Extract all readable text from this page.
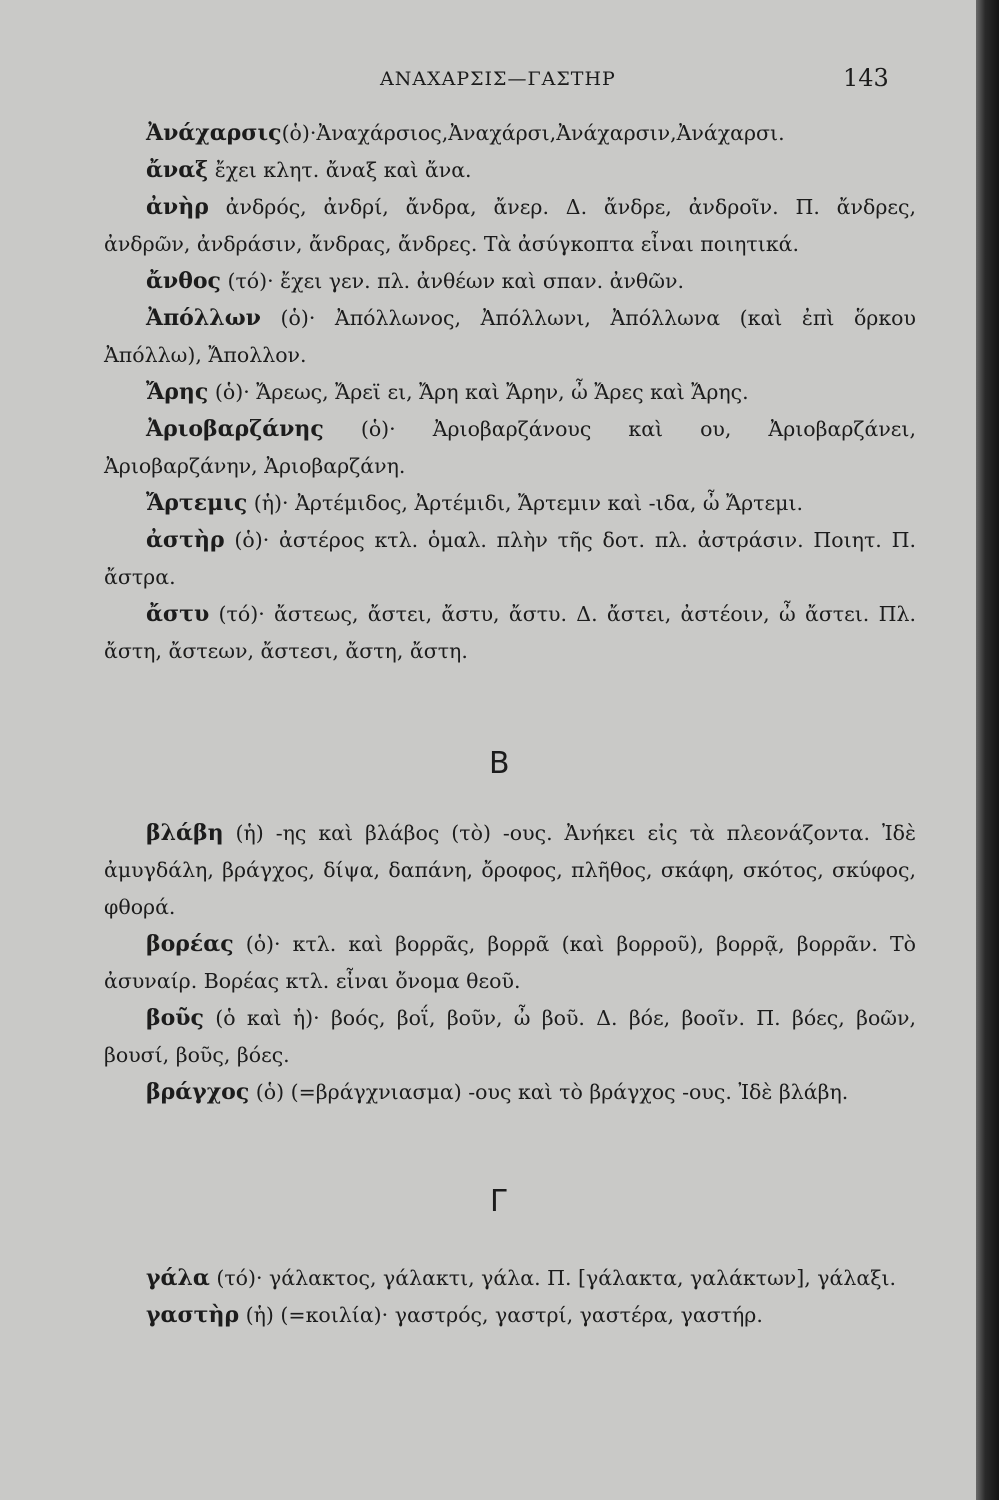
ΑΝΑΧΑΡΣΙΣ—ΓΑΣΤΗΡ	143

Ἀνάχαρσις(ὁ)·Ἀναχάρσιος,Ἀναχάρσι,Ἀνάχαρσιν,Ἀνάχαρσι.

ἄναξ ἔχει κλητ. ἄναξ καὶ ἄνα.

ἀνὴρ ἀνδρός, ἀνδρί, ἄνδρα, ἄνερ. Δ. ἄνδρε, ἀνδροῖν. Π. ἄνδρες, ἀνδρῶν, ἀνδράσιν, ἄνδρας, ἄνδρες. Τὰ ἀσύγκοπτα εἶναι ποιητικά.

ἄνθος (τό)· ἔχει γεν. πλ. ἀνθέων καὶ σπαν. ἀνθῶν.

Ἀπόλλων (ὁ)· Ἀπόλλωνος, Ἀπόλλωνι, Ἀπόλλωνα (καὶ ἐπὶ ὅρκου Ἀπόλλω), Ἄπολλον.

Ἄρης (ὁ)· Ἄρεως, Ἄρεϊ ει, Ἄρη καὶ Ἄρην, ὦ Ἄρες καὶ Ἄρης.

Ἀριοβαρζάνης (ὁ)· Ἀριοβαρζάνους καὶ ου, Ἀριοβαρζάνει, Ἀριοβαρζάνην, Ἀριοβαρζάνη.

Ἄρτεμις (ἡ)· Ἀρτέμιδος, Ἀρτέμιδι, Ἄρτεμιν καὶ -ιδα, ὦ Ἄρτεμι.

ἀστὴρ (ὁ)· ἀστέρος κτλ. ὁμαλ. πλὴν τῆς δοτ. πλ. ἀστράσιν. Ποιητ. Π. ἄστρα.

ἄστυ (τό)· ἄστεως, ἄστει, ἄστυ, ἄστυ. Δ. ἄστει, ἀστέοιν, ὦ ἄστει. Πλ. ἄστη, ἄστεων, ἄστεσι, ἄστη, ἄστη.

Β

βλάβη (ἡ) -ης καὶ βλάβος (τὸ) -ους. Ἀνήκει εἰς τὰ πλεονάζοντα. Ἰδὲ ἀμυγδάλη, βράγχος, δίψα, δαπάνη, ὄροφος, πλῆθος, σκάφη, σκότος, σκύφος, φθορά.

βορέας (ὁ)· κτλ. καὶ βορρᾶς, βορρᾶ (καὶ βορροῦ), βορρᾷ, βορρᾶν. Τὸ ἀσυναίρ. Βορέας κτλ. εἶναι ὄνομα θεοῦ.

βοῦς (ὁ καὶ ἡ)· βοός, βοΐ, βοῦν, ὦ βοῦ. Δ. βόε, βοοῖν. Π. βόες, βοῶν, βουσί, βοῦς, βόες.

βράγχος (ὁ) (=βράγχνιασμα) -ους καὶ τὸ βράγχος -ους. Ἰδὲ βλάβη.

Γ

γάλα (τό)· γάλακτος, γάλακτι, γάλα. Π. [γάλακτα, γαλάκτων], γάλαξι.

γαστὴρ (ἡ) (=κοιλία)· γαστρός, γαστρί, γαστέρα, γαστήρ.
